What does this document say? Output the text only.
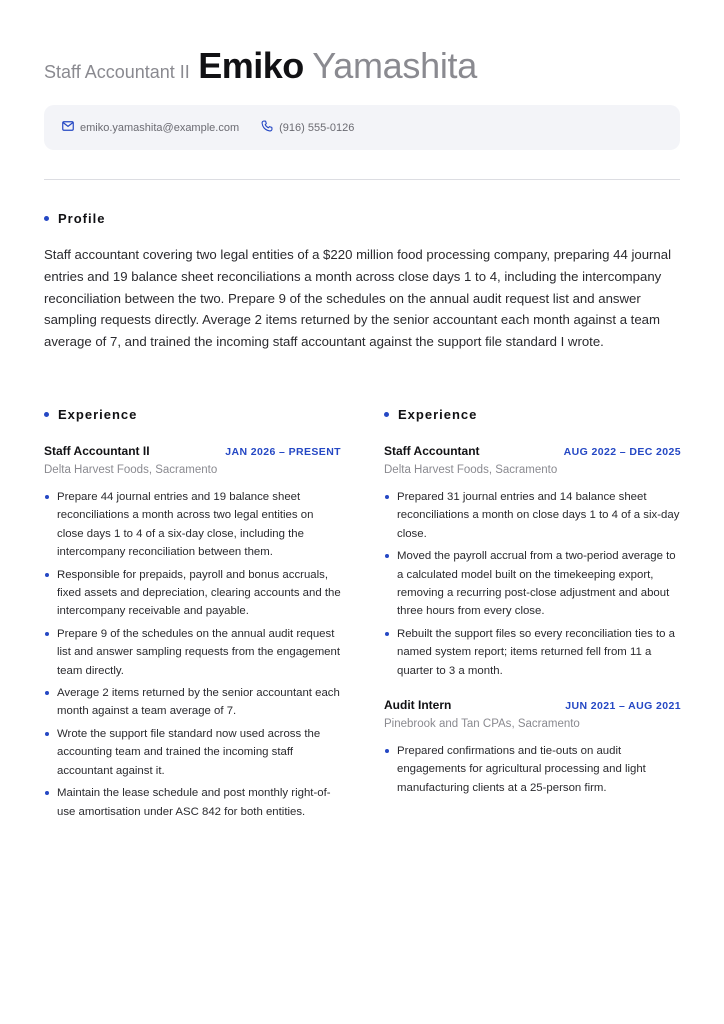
Staff Accountant II Emiko Yamashita
emiko.yamashita@example.com	(916) 555-0126
Profile
Staff accountant covering two legal entities of a $220 million food processing company, preparing 44 journal entries and 19 balance sheet reconciliations a month across close days 1 to 4, including the intercompany reconciliation between the two. Prepare 9 of the schedules on the annual audit request list and answer sampling requests directly. Average 2 items returned by the senior accountant each month against a team average of 7, and trained the incoming staff accountant against the support file standard I wrote.
Experience
Staff Accountant II	JAN 2026 – PRESENT
Delta Harvest Foods, Sacramento
Prepare 44 journal entries and 19 balance sheet reconciliations a month across two legal entities on close days 1 to 4 of a six-day close, including the intercompany reconciliation between them.
Responsible for prepaids, payroll and bonus accruals, fixed assets and depreciation, clearing accounts and the intercompany receivable and payable.
Prepare 9 of the schedules on the annual audit request list and answer sampling requests from the engagement team directly.
Average 2 items returned by the senior accountant each month against a team average of 7.
Wrote the support file standard now used across the accounting team and trained the incoming staff accountant against it.
Maintain the lease schedule and post monthly right-of-use amortisation under ASC 842 for both entities.
Experience
Staff Accountant	AUG 2022 – DEC 2025
Delta Harvest Foods, Sacramento
Prepared 31 journal entries and 14 balance sheet reconciliations a month on close days 1 to 4 of a six-day close.
Moved the payroll accrual from a two-period average to a calculated model built on the timekeeping export, removing a recurring post-close adjustment and about three hours from every close.
Rebuilt the support files so every reconciliation ties to a named system report; items returned fell from 11 a quarter to 3 a month.
Audit Intern	JUN 2021 – AUG 2021
Pinebrook and Tan CPAs, Sacramento
Prepared confirmations and tie-outs on audit engagements for agricultural processing and light manufacturing clients at a 25-person firm.
